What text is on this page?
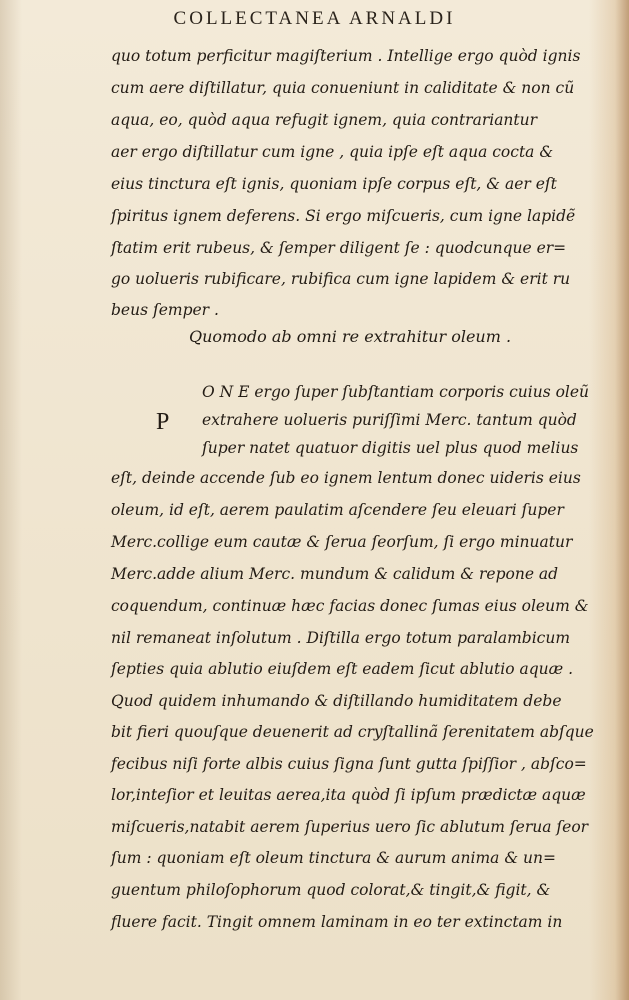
COLLECTANEA ARNALDI
quo totum perficitur magiſterium . Intellige ergo quòd ignis
cum aere diſtillatur, quia conueniunt in caliditate & non cũ
aqua, eo, quòd aqua refugit ignem, quia contrariantur
aer ergo diſtillatur cum igne , quia ipſe eſt aqua cocta &
eius tinctura eſt ignis, quoniam ipſe corpus eſt, & aer eſt
ſpiritus ignem deferens. Si ergo miſcueris, cum igne lapidẽ
ſtatim erit rubeus, & ſemper diligent ſe : quodcunque er=
go uolueris rubificare, rubifica cum igne lapidem & erit ru
beus ſemper .
Quomodo ab omni re extrahitur oleum .
P
O N E ergo ſuper ſubſtantiam corporis cuius oleũ
extrahere uolueris puriſſimi Merc. tantum quòd
ſuper natet quatuor digitis uel plus quod melius
eſt, deinde accende ſub eo ignem lentum donec uideris eius
oleum, id eſt, aerem paulatim aſcendere ſeu eleuari ſuper
Merc.collige eum cautæ & ſerua ſeorſum, ſi ergo minuatur
Merc.adde alium Merc. mundum & calidum & repone ad
coquendum, continuæ hæc facias donec ſumas eius oleum &
nil remaneat inſolutum . Diſtilla ergo totum paralambicum
ſepties quia ablutio eiuſdem eſt eadem ſicut ablutio aquæ .
Quod quidem inhumando & diſtillando humiditatem debe
bit fieri quouſque deuenerit ad cryſtallinã ſerenitatem abſque
fecibus niſi forte albis cuius ſigna ſunt gutta ſpiſſior , abſco=
lor,inteſior et leuitas aerea,ita quòd ſi ipſum prædictæ aquæ
miſcueris,natabit aerem ſuperius uero ſic ablutum ſerua ſeor
ſum : quoniam eſt oleum tinctura & aurum anima & un=
guentum philoſophorum quod colorat,& tingit,& figit, &
fluere facit. Tingit omnem laminam in eo ter extinctam in
